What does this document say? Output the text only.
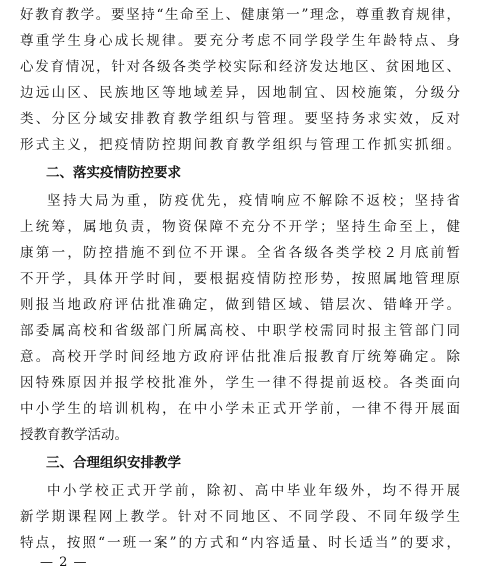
好教育教学。要坚持“生命至上、健康第一”理念，尊重教育规律，
尊重学生身心成长规律。要充分考虑不同学段学生年龄特点、身
心发育情况，针对各级各类学校实际和经济发达地区、贫困地区、
边远山区、民族地区等地域差异，因地制宜、因校施策，分级分
类、分区分域安排教育教学组织与管理。要坚持务求实效，反对
形式主义，把疫情防控期间教育教学组织与管理工作抓实抓细。
二、落实疫情防控要求
坚持大局为重，防疫优先，疫情响应不解除不返校；坚持省
上统筹，属地负责，物资保障不充分不开学；坚持生命至上，健
康第一，防控措施不到位不开课。全省各级各类学校２月底前暂
不开学，具体开学时间，要根据疫情防控形势，按照属地管理原
则报当地政府评估批准确定，做到错区域、错层次、错峰开学。
部委属高校和省级部门所属高校、中职学校需同时报主管部门同
意。高校开学时间经地方政府评估批准后报教育厅统筹确定。除
因特殊原因并报学校批准外，学生一律不得提前返校。各类面向
中小学生的培训机构，在中小学未正式开学前，一律不得开展面
授教育教学活动。
三、合理组织安排教学
中小学校正式开学前，除初、高中毕业年级外，均不得开展
新学期课程网上教学。针对不同地区、不同学段、不同年级学生
特点，按照“一班一案”的方式和“内容适量、时长适当”的要求，
— 2 —
